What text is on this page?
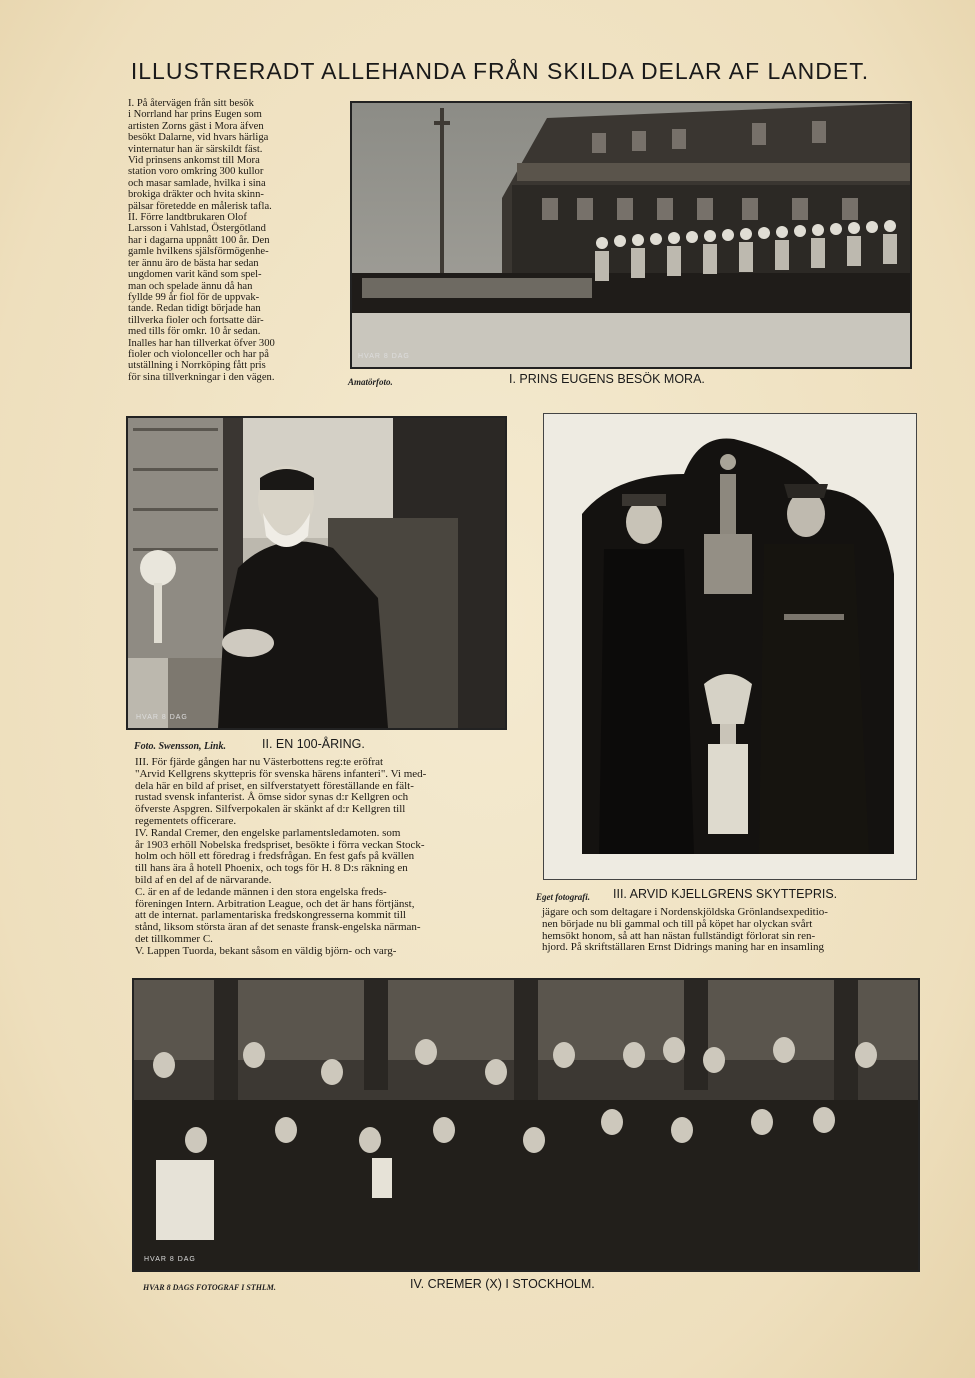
ILLUSTRERADT ALLEHANDA FRÅN SKILDA DELAR AF LANDET.

I. På återvägen från sitt besök

i Norrland har prins Eugen som

artisten Zorns gäst i Mora äfven

besökt Dalarne, vid hvars härliga

vinternatur han är särskildt fäst.

Vid prinsens ankomst till Mora

station voro omkring 300 kullor

och masar samlade, hvilka i sina

brokiga dräkter och hvita skinn-

pälsar företedde en målerisk tafla.

II. Förre landtbrukaren Olof

Larsson i Vahlstad, Östergötland

har i dagarna uppnått 100 år. Den

gamle hvilkens själsförmögenhe-

ter ännu äro de bästa har sedan

ungdomen varit känd som spel-

man och spelade ännu då han

fyllde 99 år fiol för de uppvak-

tande. Redan tidigt började han

tillverka fioler och fortsatte där-

med tills för omkr. 10 år sedan.

Inalles har han tillverkat öfver 300

fioler och violonceller och har på

utställning i Norrköping fått pris

för sina tillverkningar i den vägen.

HVAR 8 DAG
Amatörfoto.	I. PRINS EUGENS BESÖK MORA.
HVAR 8 DAG
Foto. Swensson, Link.	II. EN 100-ÅRING.
Eget fotografi. III. ARVID KJELLGRENS SKYTTEPRIS.

III. För fjärde gången har nu Västerbottens reg:te eröfrat

"Arvid Kellgrens skyttepris för svenska härens infanteri". Vi med-

dela här en bild af priset, en silfverstatyett föreställande en fält-

rustad svensk infanterist. Å ömse sidor synas d:r Kellgren och

öfverste Aspgren. Silfverpokalen är skänkt af d:r Kellgren till

regementets officerare.

IV. Randal Cremer, den engelske parlamentsledamoten. som

år 1903 erhöll Nobelska fredspriset, besökte i förra veckan Stock-

holm och höll ett föredrag i fredsfrågan. En fest gafs på kvällen

till hans ära å hotell Phoenix, och togs för H. 8 D:s räkning en

bild af en del af de närvarande.

C. är en af de ledande männen i den stora engelska freds-

föreningen Intern. Arbitration League, och det är hans förtjänst,

att de internat. parlamentariska fredskongresserna kommit till

stånd, liksom största äran af det senaste fransk-engelska närman-

det tillkommer C.

V. Lappen Tuorda, bekant såsom en väldig björn- och varg-

jägare och som deltagare i Nordenskjöldska Grönlandsexpeditio-

nen började nu bli gammal och till på köpet har olyckan svårt

hemsökt honom, så att han nästan fullständigt förlorat sin ren-

hjord. På skriftställaren Ernst Didrings maning har en insamling

HVAR 8 DAG
HVAR 8 DAGS FOTOGRAF I STHLM.	IV. CREMER (X) I STOCKHOLM.
